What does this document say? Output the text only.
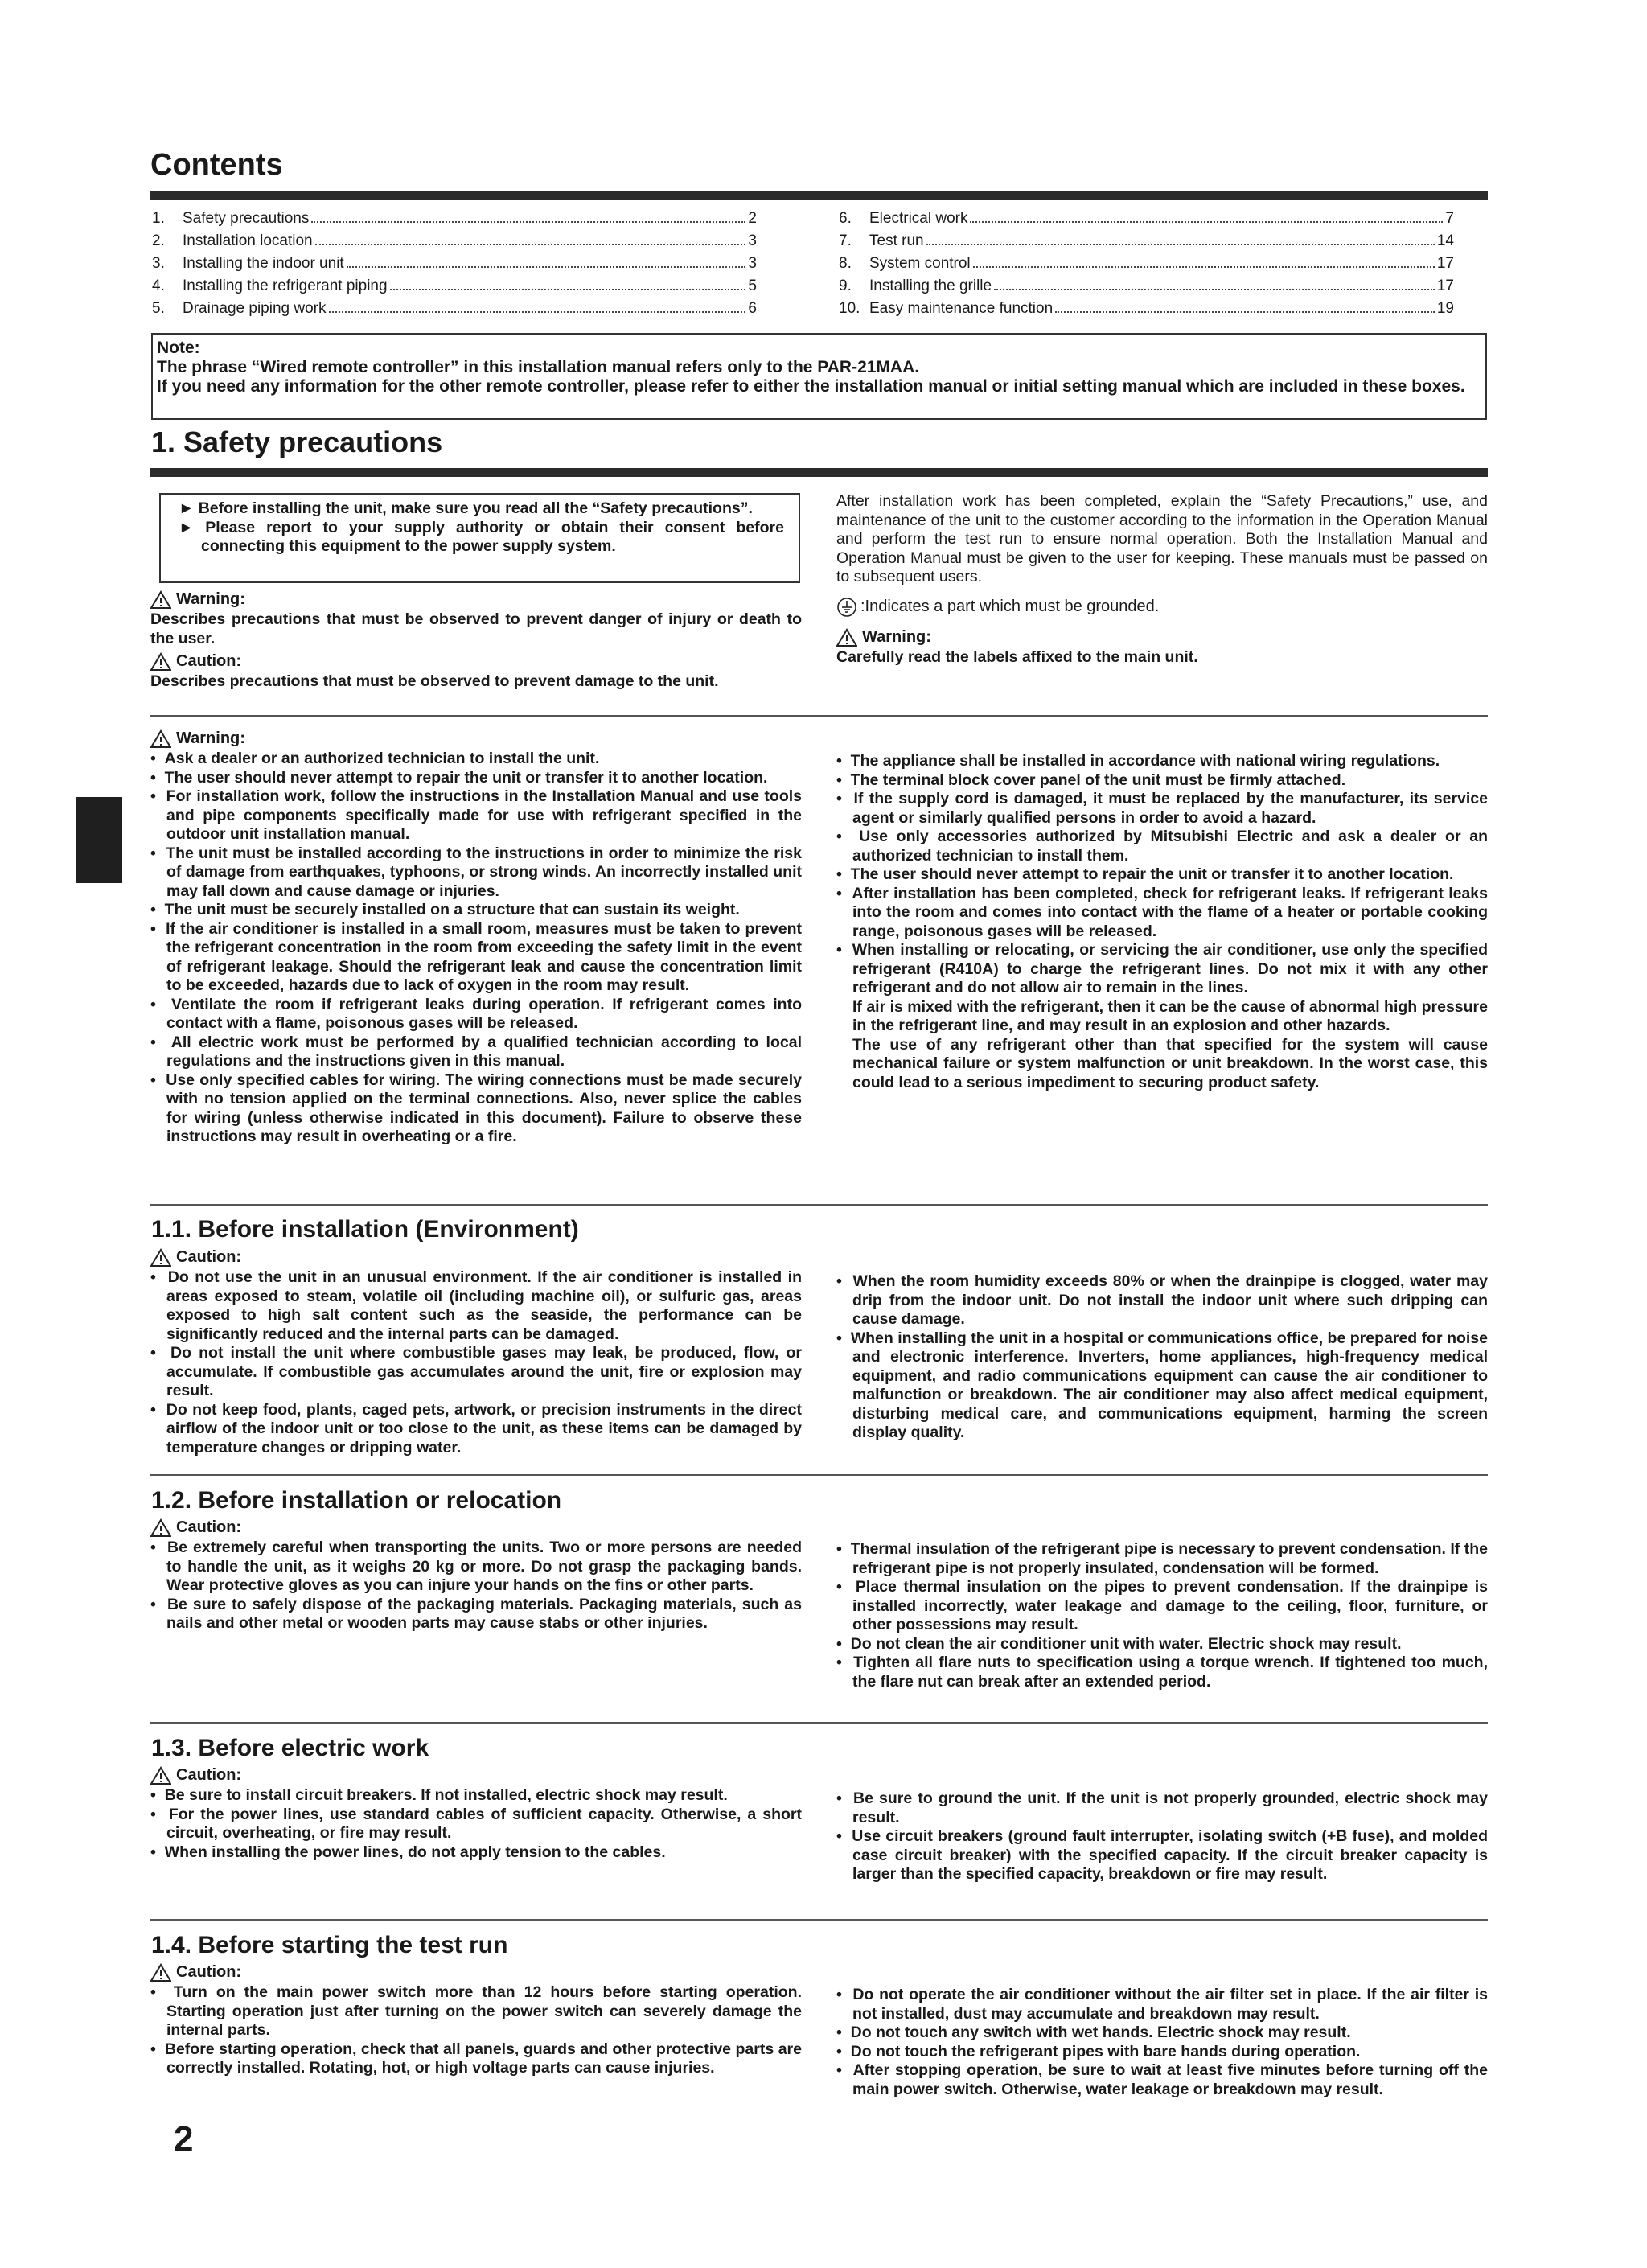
Contents
1.	Safety precautions	2
2.	Installation location	3
3.	Installing the indoor unit	3
4.	Installing the refrigerant piping	5
5.	Drainage piping work	6
6.	Electrical work	7
7.	Test run	14
8.	System control	17
9.	Installing the grille	17
10. Easy maintenance function	19
Note:
The phrase “Wired remote controller” in this installation manual refers only to the PAR-21MAA.
If you need any information for the other remote controller, please refer to either the installation manual or initial setting manual which are included in these boxes.
1. Safety precautions

► Before installing the unit, make sure you read all the “Safety precautions”.

► Please report to your supply authority or obtain their consent before connecting this equipment to the power supply system.

Warning:

Describes precautions that must be observed to prevent danger of injury or death to the user.

Caution:

Describes precautions that must be observed to prevent damage to the unit.

After installation work has been completed, explain the “Safety Precautions,” use, and maintenance of the unit to the customer according to the information in the Operation Manual and perform the test run to ensure normal operation. Both the Installation Manual and Operation Manual must be given to the user for keeping. These manuals must be passed on to subsequent users.

:Indicates a part which must be grounded.
Warning:

Carefully read the labels affixed to the main unit.

Warning:

•  Ask a dealer or an authorized technician to install the unit.

•  The user should never attempt to repair the unit or transfer it to another location.

•  For installation work, follow the instructions in the Installation Manual and use tools and pipe components specifically made for use with refrigerant specified in the outdoor unit installation manual.

•  The unit must be installed according to the instructions in order to minimize the risk of damage from earthquakes, typhoons, or strong winds. An incorrectly installed unit may fall down and cause damage or injuries.

•  The unit must be securely installed on a structure that can sustain its weight.

•  If the air conditioner is installed in a small room, measures must be taken to prevent the refrigerant concentration in the room from exceeding the safety limit in the event of refrigerant leakage. Should the refrigerant leak and cause the concentration limit to be exceeded, hazards due to lack of oxygen in the room may result.

•  Ventilate the room if refrigerant leaks during operation. If refrigerant comes into contact with a flame, poisonous gases will be released.

•  All electric work must be performed by a qualified technician according to local regulations and the instructions given in this manual.

•  Use only specified cables for wiring. The wiring connections must be made securely with no tension applied on the terminal connections. Also, never splice the cables for wiring (unless otherwise indicated in this document). Failure to observe these instructions may result in overheating or a fire.

•  The appliance shall be installed in accordance with national wiring regulations.

•  The terminal block cover panel of the unit must be firmly attached.

•  If the supply cord is damaged, it must be replaced by the manufacturer, its service agent or similarly qualified persons in order to avoid a hazard.

•  Use only accessories authorized by Mitsubishi Electric and ask a dealer or an authorized technician to install them.

•  The user should never attempt to repair the unit or transfer it to another location.

•  After installation has been completed, check for refrigerant leaks. If refrigerant leaks into the room and comes into contact with the flame of a heater or portable cooking range, poisonous gases will be released.

•  When installing or relocating, or servicing the air conditioner, use only the specified refrigerant (R410A) to charge the refrigerant lines. Do not mix it with any other refrigerant and do not allow air to remain in the lines.

If air is mixed with the refrigerant, then it can be the cause of abnormal high pressure in the refrigerant line, and may result in an explosion and other hazards.

The use of any refrigerant other than that specified for the system will cause mechanical failure or system malfunction or unit breakdown. In the worst case, this could lead to a serious impediment to securing product safety.

1.1. Before installation (Environment)
Caution:

•  Do not use the unit in an unusual environment. If the air conditioner is installed in areas exposed to steam, volatile oil (including machine oil), or sulfuric gas, areas exposed to high salt content such as the seaside, the performance can be significantly reduced and the internal parts can be damaged.

•  Do not install the unit where combustible gases may leak, be produced, flow, or accumulate. If combustible gas accumulates around the unit, fire or explosion may result.

•  Do not keep food, plants, caged pets, artwork, or precision instruments in the direct airflow of the indoor unit or too close to the unit, as these items can be damaged by temperature changes or dripping water.

•  When the room humidity exceeds 80% or when the drainpipe is clogged, water may drip from the indoor unit. Do not install the indoor unit where such dripping can cause damage.

•  When installing the unit in a hospital or communications office, be prepared for noise and electronic interference. Inverters, home appliances, high-frequency medical equipment, and radio communications equipment can cause the air conditioner to malfunction or breakdown. The air conditioner may also affect medical equipment, disturbing medical care, and communications equipment, harming the screen display quality.

1.2. Before installation or relocation
Caution:

•  Be extremely careful when transporting the units. Two or more persons are needed to handle the unit, as it weighs 20 kg or more. Do not grasp the packaging bands. Wear protective gloves as you can injure your hands on the fins or other parts.

•  Be sure to safely dispose of the packaging materials. Packaging materials, such as nails and other metal or wooden parts may cause stabs or other injuries.

•  Thermal insulation of the refrigerant pipe is necessary to prevent condensation. If the refrigerant pipe is not properly insulated, condensation will be formed.

•  Place thermal insulation on the pipes to prevent condensation. If the drainpipe is installed incorrectly, water leakage and damage to the ceiling, floor, furniture, or other possessions may result.

•  Do not clean the air conditioner unit with water. Electric shock may result.

•  Tighten all flare nuts to specification using a torque wrench. If tightened too much, the flare nut can break after an extended period.

1.3. Before electric work
Caution:

•  Be sure to install circuit breakers. If not installed, electric shock may result.

•  For the power lines, use standard cables of sufficient capacity. Otherwise, a short circuit, overheating, or fire may result.

•  When installing the power lines, do not apply tension to the cables.

•  Be sure to ground the unit. If the unit is not properly grounded, electric shock may result.

•  Use circuit breakers (ground fault interrupter, isolating switch (+B fuse), and molded case circuit breaker) with the specified capacity. If the circuit breaker capacity is larger than the specified capacity, breakdown or fire may result.

1.4. Before starting the test run
Caution:

•  Turn on the main power switch more than 12 hours before starting operation. Starting operation just after turning on the power switch can severely damage the internal parts.

•  Before starting operation, check that all panels, guards and other protective parts are correctly installed. Rotating, hot, or high voltage parts can cause injuries.

•  Do not operate the air conditioner without the air filter set in place. If the air filter is not installed, dust may accumulate and breakdown may result.

•  Do not touch any switch with wet hands. Electric shock may result.

•  Do not touch the refrigerant pipes with bare hands during operation.

•  After stopping operation, be sure to wait at least five minutes before turning off the main power switch. Otherwise, water leakage or breakdown may result.

2
